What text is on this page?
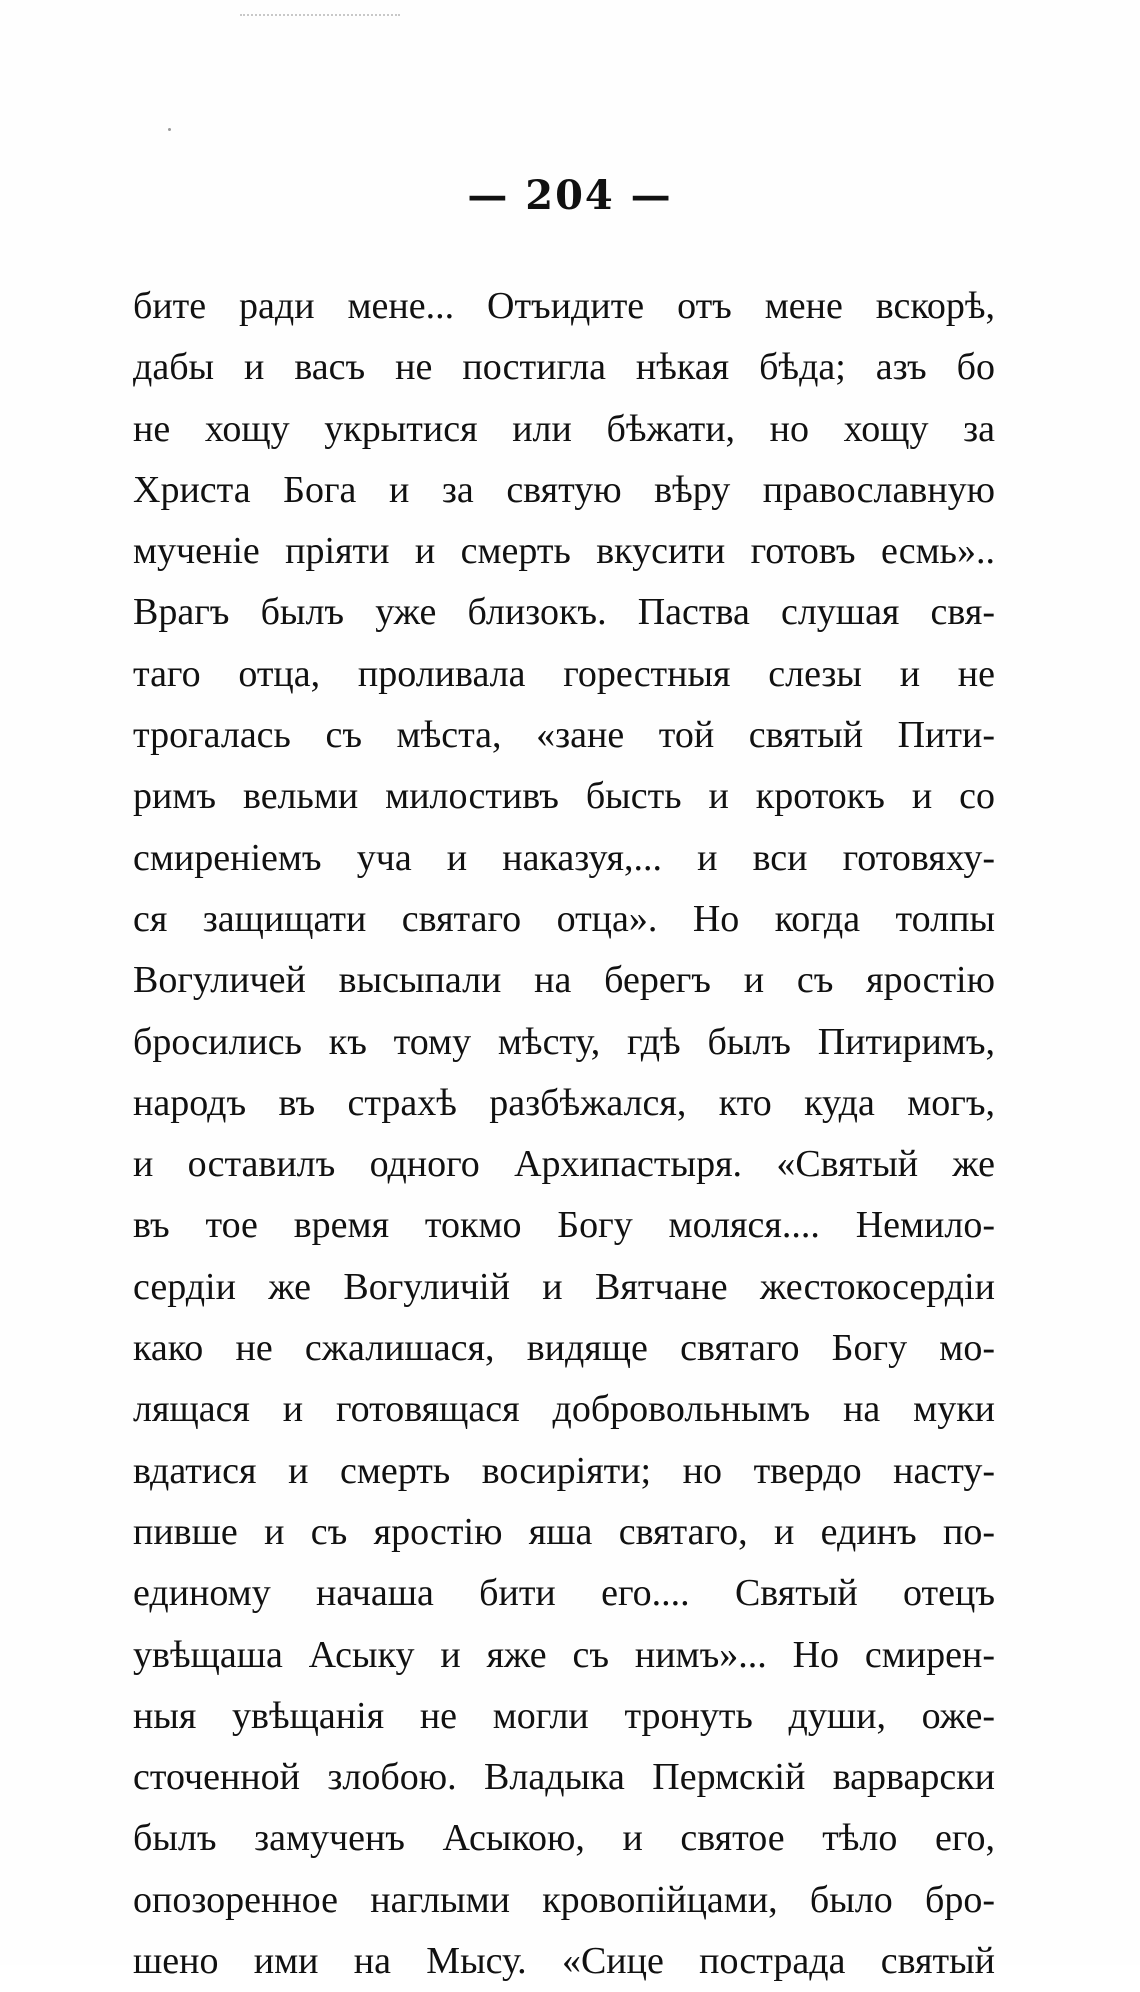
— 204 —
бите ради мене... Отъидите отъ мене вскорѣ,
дабы и васъ не постигла нѣкая бѣда; азъ бо
не хощу укрытися или бѣжати, но хощу за
Христа Бога и за святую вѣру православную
мученіе пріяти и смерть вкусити готовъ есмь»..
Врагъ былъ уже близокъ. Паства слушая свя-
таго отца, проливала горестныя слезы и не
трогалась съ мѣста, «зане той святый Пити-
римъ вельми милостивъ бысть и кротокъ и со
смиреніемъ уча и наказуя,... и вси готовяху-
ся защищати святаго отца». Но когда толпы
Вогуличей высыпали на берегъ и съ яростію
бросились къ тому мѣсту, гдѣ былъ Питиримъ,
народъ въ страхѣ разбѣжался, кто куда могъ,
и оставилъ одного Архипастыря. «Святый же
въ тое время токмо Богу моляся.... Немило-
сердіи же Вогуличій и Вятчане жестокосердіи
како не сжалишася, видяще святаго Богу мо-
лящася и готовящася добровольнымъ на муки
вдатися и смерть восиріяти; но твердо насту-
пивше и съ яростію яша святаго, и единъ по-
единому начаша бити его.... Святый отецъ
увѣщаша Асыку и яже съ нимъ»... Но смирен-
ныя увѣщанія не могли тронуть души, оже-
сточенной злобою. Владыка Пермскій варварски
былъ замученъ Асыкою, и святое тѣло его,
опозоренное наглыми кровопійцами, было бро-
шено ими на Мысу. «Сице пострада святый
